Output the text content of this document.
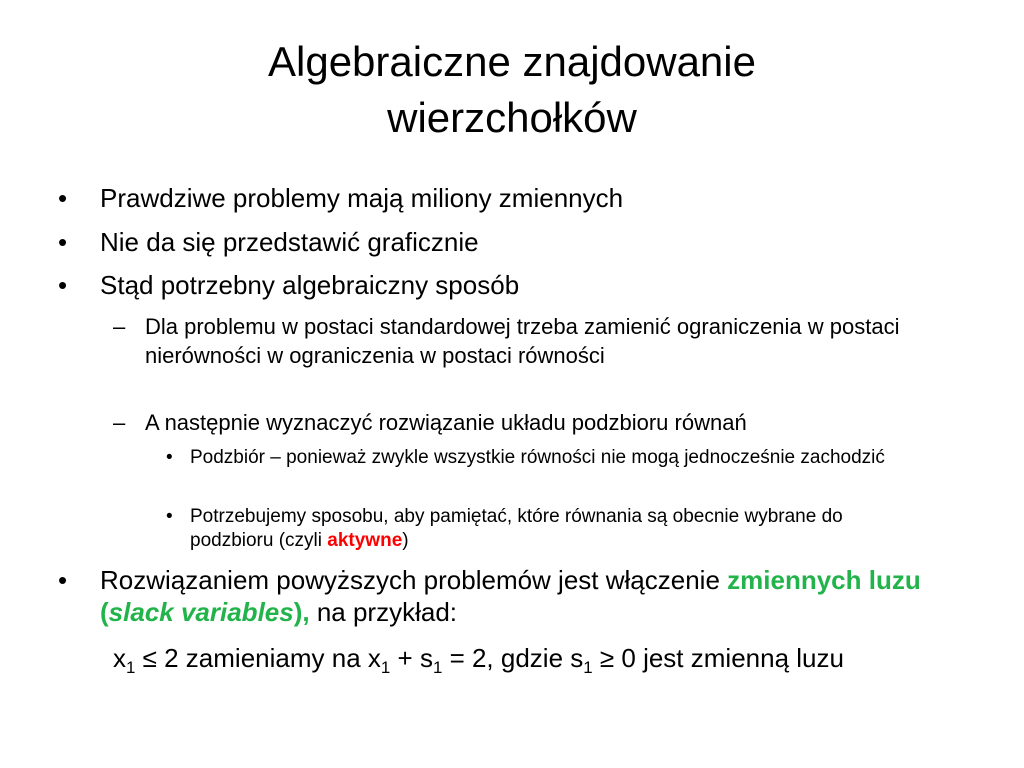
Algebraiczne znajdowanie
wierzchołków
• Prawdziwe problemy mają miliony zmiennych
• Nie da się przedstawić graficznie
• Stąd potrzebny algebraiczny sposób
– Dla problemu w postaci standardowej trzeba zamienić ograniczenia w postaci nierówności w ograniczenia w postaci równości
– A następnie wyznaczyć rozwiązanie układu podzbioru równań
• Podzbiór – ponieważ zwykle wszystkie równości nie mogą jednocześnie zachodzić
• Potrzebujemy sposobu, aby pamiętać, które równania są obecnie wybrane do podzbioru (czyli aktywne)
• Rozwiązaniem powyższych problemów jest włączenie zmiennych luzu (slack variables), na przykład:
$x_1 \le 2$ zamieniamy na $x_1 + s_1 = 2$, gdzie $s_1 \ge 0$ jest zmienną luzu
